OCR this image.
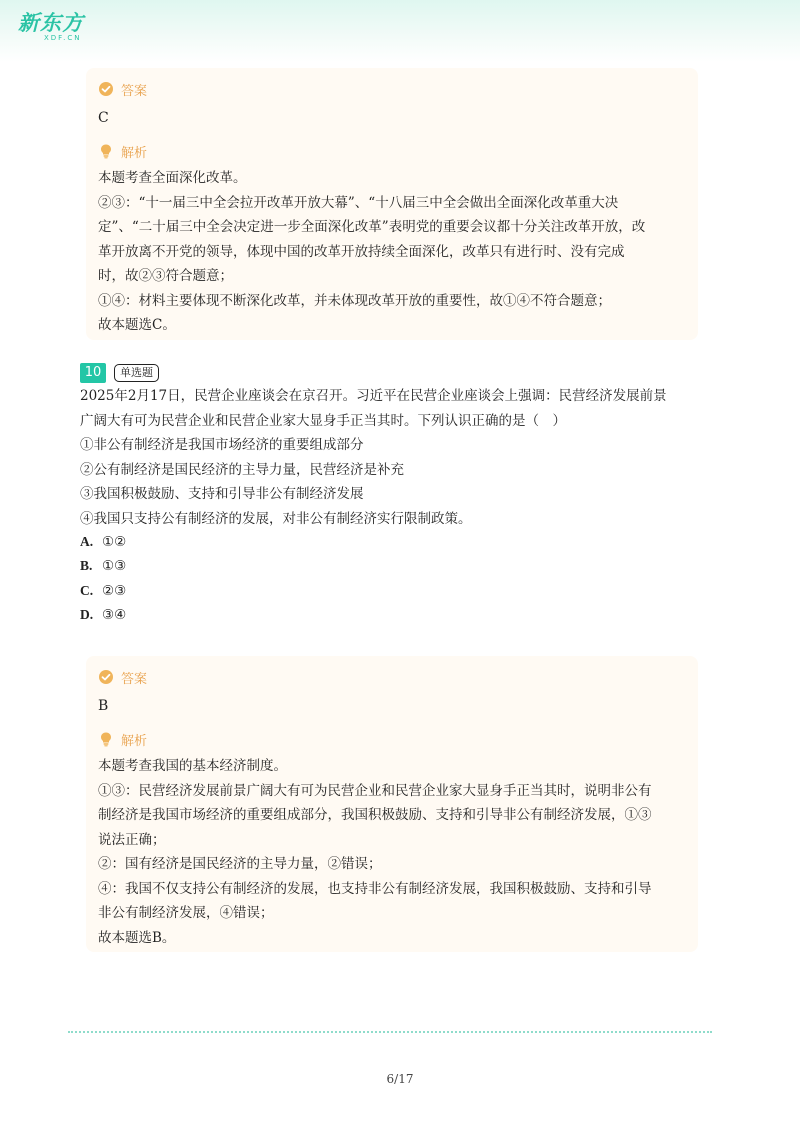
新东方
XDF.CN
答案
C
解析

本题考查全面深化改革。

②③：“十一届三中全会拉开改革开放大幕”、“十八届三中全会做出全面深化改革重大决

定”、“二十届三中全会决定进一步全面深化改革”表明党的重要会议都十分关注改革开放，改

革开放离不开党的领导，体现中国的改革开放持续全面深化，改革只有进行时、没有完成

时，故②③符合题意；

①④：材料主要体现不断深化改革，并未体现改革开放的重要性，故①④不符合题意；

故本题选C。

10	单选题

2025年2月17日，民营企业座谈会在京召开。习近平在民营企业座谈会上强调：民营经济发展前景

广阔大有可为民营企业和民营企业家大显身手正当其时。下列认识正确的是（　）

①非公有制经济是我国市场经济的重要组成部分

②公有制经济是国民经济的主导力量，民营经济是补充

③我国积极鼓励、支持和引导非公有制经济发展

④我国只支持公有制经济的发展，对非公有制经济实行限制政策。

A. ①②
B. ①③
C. ②③
D. ③④
答案
B
解析

本题考查我国的基本经济制度。

①③：民营经济发展前景广阔大有可为民营企业和民营企业家大显身手正当其时，说明非公有

制经济是我国市场经济的重要组成部分，我国积极鼓励、支持和引导非公有制经济发展，①③

说法正确；

②：国有经济是国民经济的主导力量，②错误；

④：我国不仅支持公有制经济的发展，也支持非公有制经济发展，我国积极鼓励、支持和引导

非公有制经济发展，④错误；

故本题选B。

6/17
